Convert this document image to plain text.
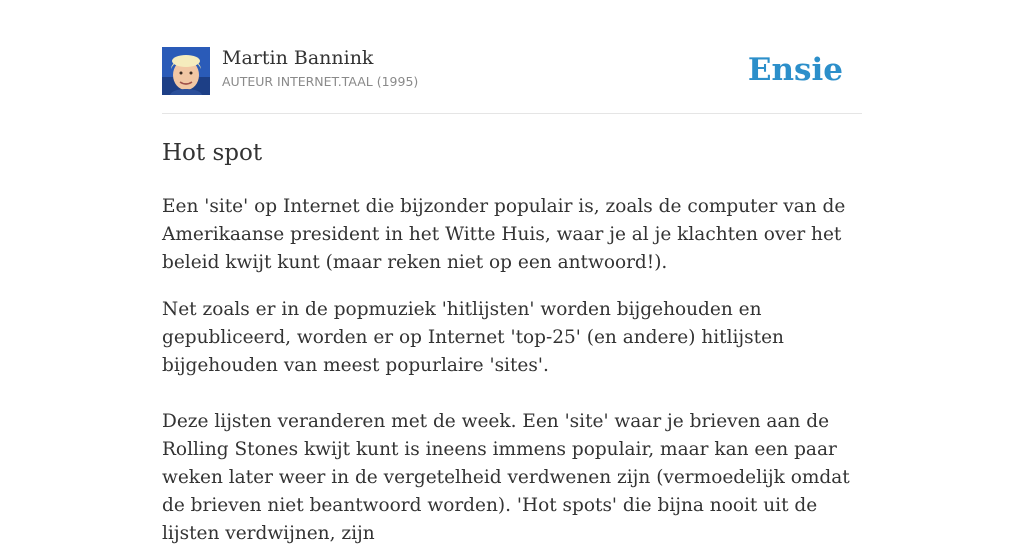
Martin Bannink
AUTEUR INTERNET.TAAL (1995)	Ensie
Hot spot

Een 'site' op Internet die bijzonder populair is, zoals de computer van de Amerikaanse president in het Witte Huis, waar je al je klachten over het beleid kwijt kunt (maar reken niet op een antwoord!).

Net zoals er in de popmuziek 'hitlijsten' worden bijgehouden en gepubliceerd, worden er op Internet 'top-25' (en andere) hitlijsten bijgehouden van meest popurlaire 'sites'.

Deze lijsten veranderen met de week. Een 'site' waar je brieven aan de Rolling Stones kwijt kunt is ineens immens populair, maar kan een paar weken later weer in de vergetelheid verdwenen zijn (vermoedelijk omdat de brieven niet beantwoord worden). 'Hot spots' die bijna nooit uit de lijsten verdwijnen, zijn
